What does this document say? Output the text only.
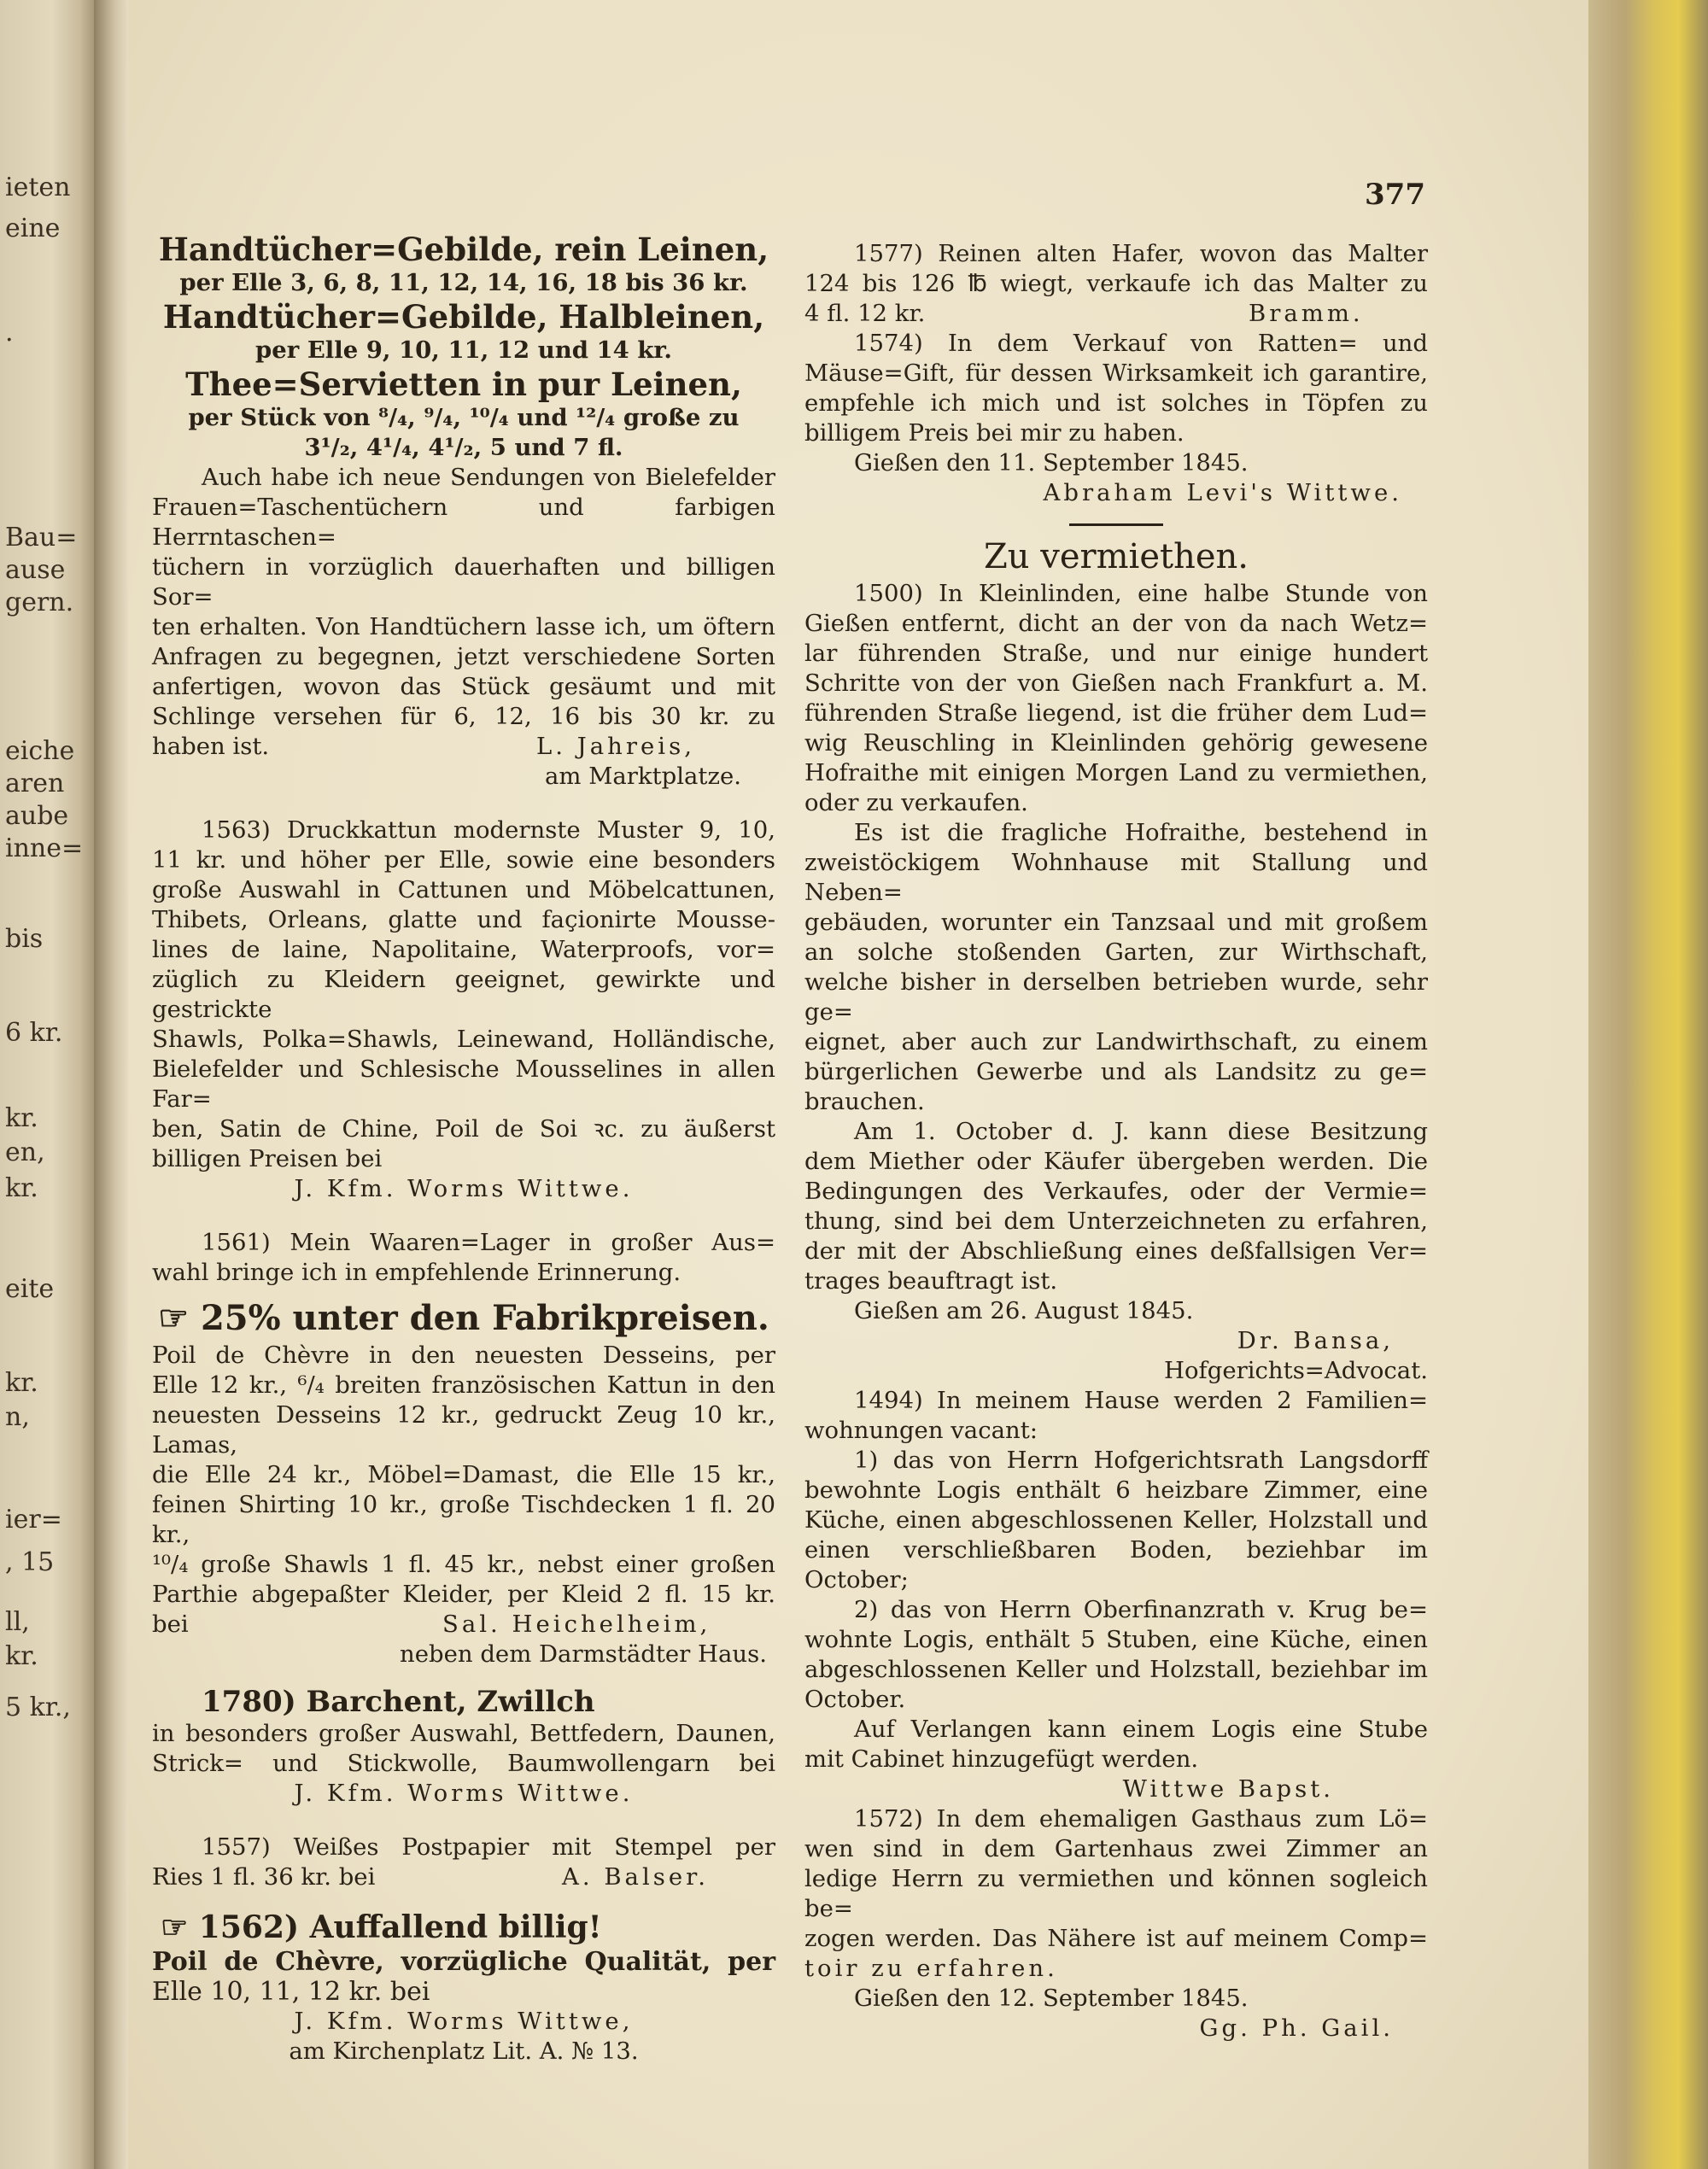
ieten
eine
.
Bau=
ause
gern.
eiche
aren
aube
inne=
bis
6 kr.
kr.
en,
kr.
eite
kr.
n,
ier=
, 15
ll,
kr.
5 kr.,
377
Handtücher=Gebilde, rein Leinen,
per Elle 3, 6, 8, 11, 12, 14, 16, 18 bis 36 kr.
Handtücher=Gebilde, Halbleinen,
per Elle 9, 10, 11, 12 und 14 kr.
Thee=Servietten in pur Leinen,
per Stück von ⁸/₄, ⁹/₄, ¹⁰/₄ und ¹²/₄ große zu
3¹/₂, 4¹/₄, 4¹/₂, 5 und 7 fl.
Auch habe ich neue Sendungen von Bielefelder
Frauen=Taschentüchern und farbigen Herrntaschen=
tüchern in vorzüglich dauerhaften und billigen Sor=
ten erhalten. Von Handtüchern lasse ich, um öftern
Anfragen zu begegnen, jetzt verschiedene Sorten
anfertigen, wovon das Stück gesäumt und mit
Schlinge versehen für 6, 12, 16 bis 30 kr. zu
haben ist.	L. Jahreis,
am Marktplatze.
1563) Druckkattun modernste Muster 9, 10,
11 kr. und höher per Elle, sowie eine besonders
große Auswahl in Cattunen und Möbelcattunen,
Thibets, Orleans, glatte und façionirte Mousse-
lines de laine, Napolitaine, Waterproofs, vor=
züglich zu Kleidern geeignet, gewirkte und gestrickte
Shawls, Polka=Shawls, Leinewand, Holländische,
Bielefelder und Schlesische Mousselines in allen Far=
ben, Satin de Chine, Poil de Soi ꝛc. zu äußerst
billigen Preisen bei
J. Kfm. Worms Wittwe.
1561) Mein Waaren=Lager in großer Aus=
wahl bringe ich in empfehlende Erinnerung.
☞ 25% unter den Fabrikpreisen.
Poil de Chèvre in den neuesten Desseins, per
Elle 12 kr., ⁶/₄ breiten französischen Kattun in den
neuesten Desseins 12 kr., gedruckt Zeug 10 kr., Lamas,
die Elle 24 kr., Möbel=Damast, die Elle 15 kr.,
feinen Shirting 10 kr., große Tischdecken 1 fl. 20 kr.,
¹⁰/₄ große Shawls 1 fl. 45 kr., nebst einer großen
Parthie abgepaßter Kleider, per Kleid 2 fl. 15 kr.
bei	Sal. Heichelheim,
neben dem Darmstädter Haus.
1780) Barchent, Zwillch
in besonders großer Auswahl, Bettfedern, Daunen,
Strick= und Stickwolle, Baumwollengarn bei
J. Kfm. Worms Wittwe.
1557) Weißes Postpapier mit Stempel per
Ries 1 fl. 36 kr. bei	A. Balser.
☞ 1562) Auffallend billig!
Poil de Chèvre, vorzügliche Qualität, per
Elle 10, 11, 12 kr. bei
J. Kfm. Worms Wittwe,
am Kirchenplatz Lit. A. № 13.
1577) Reinen alten Hafer, wovon das Malter
124 bis 126 ℔ wiegt, verkaufe ich das Malter zu
4 fl. 12 kr.	Bramm.
1574) In dem Verkauf von Ratten= und
Mäuse=Gift, für dessen Wirksamkeit ich garantire,
empfehle ich mich und ist solches in Töpfen zu
billigem Preis bei mir zu haben.
Gießen den 11. September 1845.
Abraham Levi's Wittwe.
Zu vermiethen.
1500) In Kleinlinden, eine halbe Stunde von
Gießen entfernt, dicht an der von da nach Wetz=
lar führenden Straße, und nur einige hundert
Schritte von der von Gießen nach Frankfurt a. M.
führenden Straße liegend, ist die früher dem Lud=
wig Reuschling in Kleinlinden gehörig gewesene
Hofraithe mit einigen Morgen Land zu vermiethen,
oder zu verkaufen.
Es ist die fragliche Hofraithe, bestehend in
zweistöckigem Wohnhause mit Stallung und Neben=
gebäuden, worunter ein Tanzsaal und mit großem
an solche stoßenden Garten, zur Wirthschaft,
welche bisher in derselben betrieben wurde, sehr ge=
eignet, aber auch zur Landwirthschaft, zu einem
bürgerlichen Gewerbe und als Landsitz zu ge=
brauchen.
Am 1. October d. J. kann diese Besitzung
dem Miether oder Käufer übergeben werden. Die
Bedingungen des Verkaufes, oder der Vermie=
thung, sind bei dem Unterzeichneten zu erfahren,
der mit der Abschließung eines deßfallsigen Ver=
trages beauftragt ist.
Gießen am 26. August 1845.
Dr. Bansa,
Hofgerichts=Advocat.
1494) In meinem Hause werden 2 Familien=
wohnungen vacant:
1) das von Herrn Hofgerichtsrath Langsdorff
bewohnte Logis enthält 6 heizbare Zimmer, eine
Küche, einen abgeschlossenen Keller, Holzstall und
einen verschließbaren Boden, beziehbar im October;
2) das von Herrn Oberfinanzrath v. Krug be=
wohnte Logis, enthält 5 Stuben, eine Küche, einen
abgeschlossenen Keller und Holzstall, beziehbar im
October.
Auf Verlangen kann einem Logis eine Stube
mit Cabinet hinzugefügt werden.
Wittwe Bapst.
1572) In dem ehemaligen Gasthaus zum Lö=
wen sind in dem Gartenhaus zwei Zimmer an
ledige Herrn zu vermiethen und können sogleich be=
zogen werden. Das Nähere ist auf meinem Comp=
toir zu erfahren.
Gießen den 12. September 1845.
Gg. Ph. Gail.
